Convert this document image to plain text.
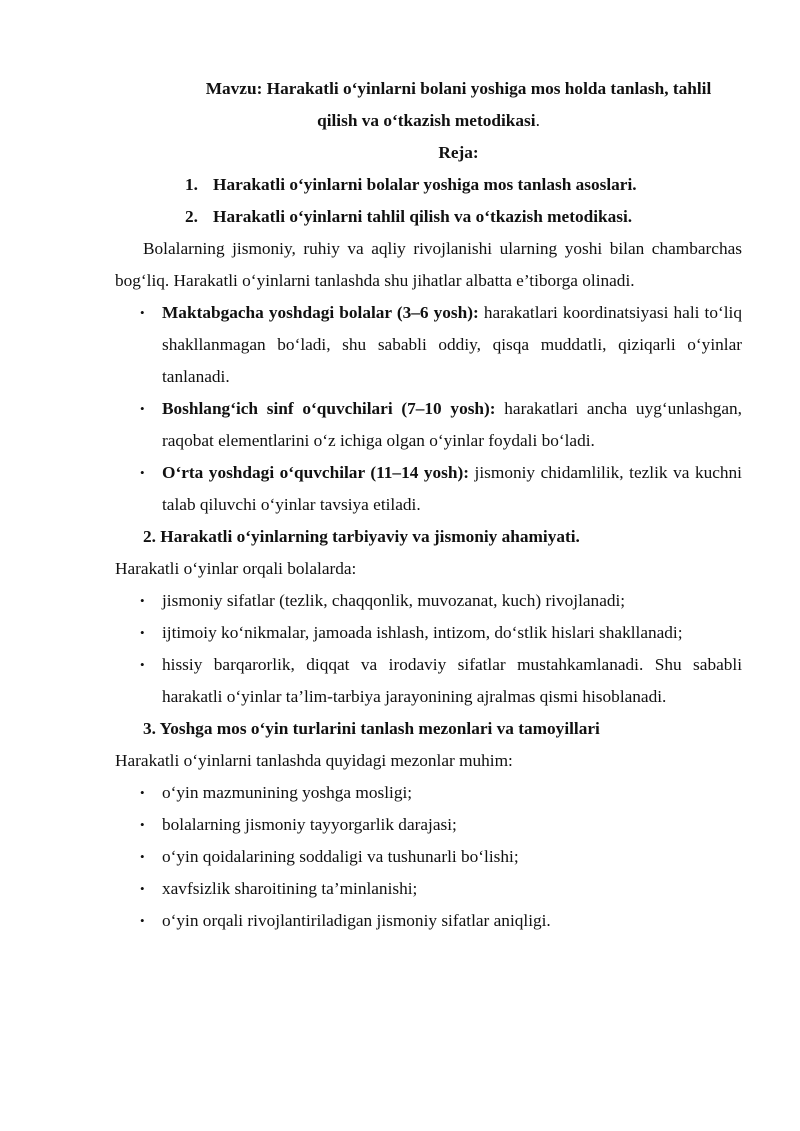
Mavzu: Harakatli o‘yinlarni bolani yoshiga mos holda tanlash, tahlil
qilish va o‘tkazish metodikasi.

Reja:

1. Harakatli o‘yinlarni bolalar yoshiga mos tanlash asoslari.
2. Harakatli o‘yinlarni tahlil qilish va o‘tkazish metodikasi.

Bolalarning jismoniy, ruhiy va aqliy rivojlanishi ularning yoshi bilan chambarchas bog‘liq. Harakatli o‘yinlarni tanlashda shu jihatlar albatta e’tiborga olinadi.

• Maktabgacha yoshdagi bolalar (3–6 yosh): harakatlari koordinatsiyasi hali to‘liq shakllanmagan bo‘ladi, shu sababli oddiy, qisqa muddatli, qiziqarli o‘yinlar tanlanadi.
• Boshlang‘ich sinf o‘quvchilari (7–10 yosh): harakatlari ancha uyg‘unlashgan, raqobat elementlarini o‘z ichiga olgan o‘yinlar foydali bo‘ladi.
• O‘rta yoshdagi o‘quvchilar (11–14 yosh): jismoniy chidamlilik, tezlik va kuchni talab qiluvchi o‘yinlar tavsiya etiladi.

2. Harakatli o‘yinlarning tarbiyaviy va jismoniy ahamiyati.

Harakatli o‘yinlar orqali bolalarda:

• jismoniy sifatlar (tezlik, chaqqonlik, muvozanat, kuch) rivojlanadi;
• ijtimoiy ko‘nikmalar, jamoada ishlash, intizom, do‘stlik hislari shakllanadi;
• hissiy barqarorlik, diqqat va irodaviy sifatlar mustahkamlanadi. Shu sababli harakatli o‘yinlar ta’lim-tarbiya jarayonining ajralmas qismi hisoblanadi.

3. Yoshga mos o‘yin turlarini tanlash mezonlari va tamoyillari

Harakatli o‘yinlarni tanlashda quyidagi mezonlar muhim:

• o‘yin mazmunining yoshga mosligi;
• bolalarning jismoniy tayyorgarlik darajasi;
• o‘yin qoidalarining soddaligi va tushunarli bo‘lishi;
• xavfsizlik sharoitining ta’minlanishi;
• o‘yin orqali rivojlantiriladigan jismoniy sifatlar aniqligi.
